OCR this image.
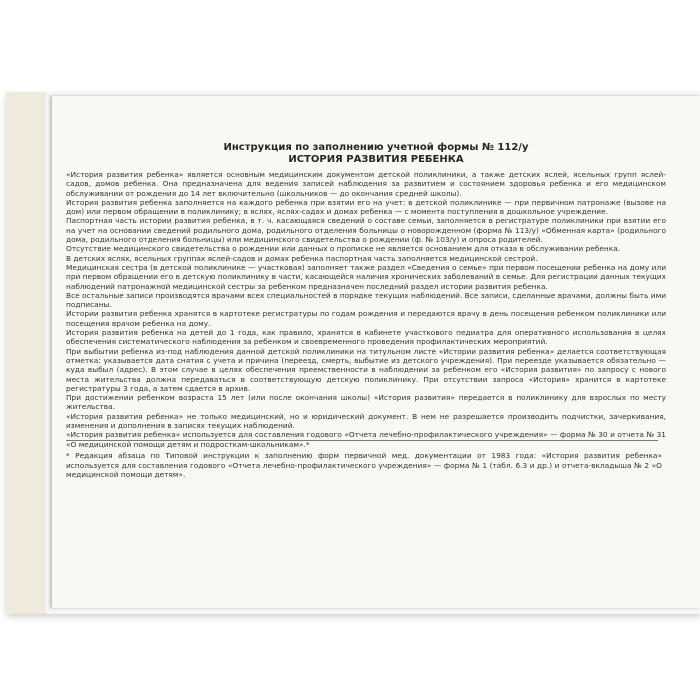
Инструкция по заполнению учетной формы № 112/у
ИСТОРИЯ РАЗВИТИЯ РЕБЕНКА

«История развития ребенка» является основным медицинским документом детской поликлиники, а также детских яслей, ясельных групп яслей-садов, домов ребенка. Она предназначена для ведения записей наблюдения за развитием и состоянием здоровья ребенка и его медицинском обслуживании от рождения до 14 лет включительно (школьников — до окончания средней школы).

История развития ребенка заполняется на каждого ребенка при взятии его на учет: в детской поликлинике — при первичном патронаже (вызове на дом) или первом обращении в поликлинику; в яслях, яслях-садах и домах ребенка — с момента поступления в дошкольное учреждение.

Паспортная часть истории развития ребенка, в т. ч. касающаяся сведений о составе семьи, заполняется в регистратуре поликлиники при взятии его на учет на основании сведений родильного дома, родильного отделения больницы о новорожденном (форма № 113/у) «Обменная карта» (родильного дома, родильного отделения больницы) или медицинского свидетельства о рождении (ф. № 103/у) и опроса родителей.

Отсутствие медицинского свидетельства о рождении или данных о прописке не является основанием для отказа в обслуживании ребенка.

В детских яслях, ясельных группах яслей-садов и домах ребенка паспортная часть заполняется медицинской сестрой.

Медицинская сестра (в детской поликлинике — участковая) заполняет также раздел «Сведения о семье» при первом посещении ребенка на дому или при первом обращении его в детскую поликлинику в части, касающейся наличия хронических заболеваний в семье. Для регистрации данных текущих наблюдений патронажной медицинской сестры за ребенком предназначен последний раздел истории развития ребенка.

Все остальные записи производятся врачами всех специальностей в порядке текущих наблюдений. Все записи, сделанные врачами, должны быть ими подписаны.

Истории развития ребенка хранятся в картотеке регистратуры по годам рождения и передаются врачу в день посещения ребенком поликлиники или посещения врачом ребенка на дому.

История развития ребенка на детей до 1 года, как правило, хранятся в кабинете участкового педиатра для оперативного использования в целях обеспечения систематического наблюдения за ребенком и своевременного проведения профилактических мероприятий.

При выбытии ребенка из-под наблюдения данной детской поликлиники на титульном листе «Истории развития ребенка» делается соответствующая отметка: указывается дата снятия с учета и причина (переезд, смерть, выбытие из детского учреждения). При переезде указывается обязательно — куда выбыл (адрес). В этом случае в целях обеспечения преемственности в наблюдении за ребенком его «История развития» по запросу с нового места жительства должна передаваться в соответствующую детскую поликлинику. При отсутствии запроса «История» хранится в картотеке регистратуры 3 года, а затем сдается в архив.

При достижении ребенком возраста 15 лет (или после окончания школы) «История развития» передается в поликлинику для взрослых по месту жительства.

«История развития ребенка» не только медицинский, но и юридический документ. В нем не разрешается производить подчистки, зачеркивания, изменения и дополнения в записях текущих наблюдений.

«История развития ребенка» используется для составления годового «Отчета лечебно-профилактического учреждения» — форма № 30 и отчета № 31 «О медицинской помощи детям и подросткам-школьникам».*

* Редакция абзаца по Типовой инструкции к заполнению форм первичной мед. документации от 1983 года: «История развития ребенка» используется для составления годового «Отчета лечебно-профилактического учреждения» — форма № 1 (табл. 6.3 и др.) и отчета-вкладыша № 2 «О медицинской помощи детям».
